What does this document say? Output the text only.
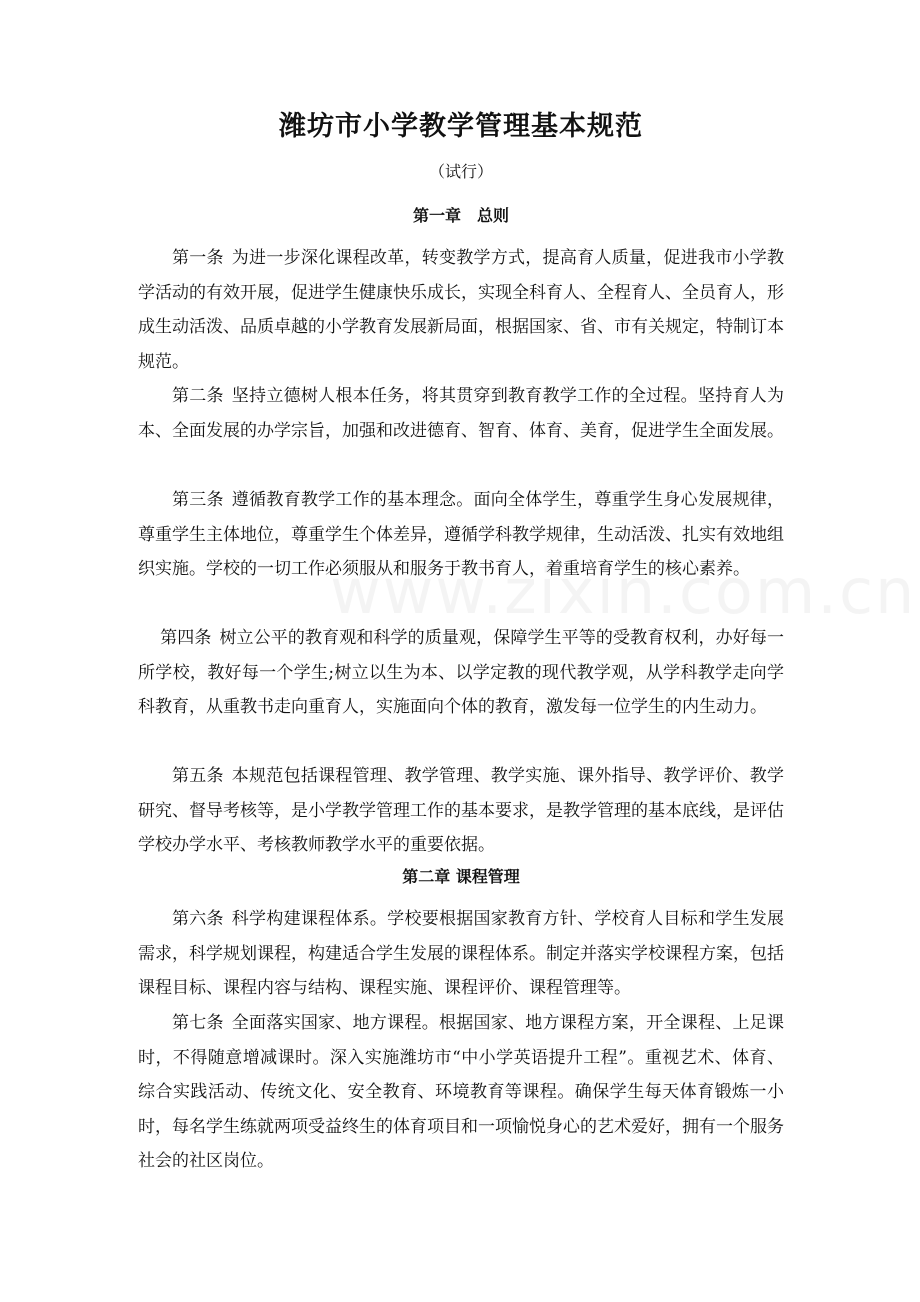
潍坊市小学教学管理基本规范
（试行）
第一章　总则

第一条 为进一步深化课程改革，转变教学方式，提高育人质量，促进我市小学教学活动的有效开展，促进学生健康快乐成长，实现全科育人、全程育人、全员育人，形成生动活泼、品质卓越的小学教育发展新局面，根据国家、省、市有关规定，特制订本规范。

第二条 坚持立德树人根本任务，将其贯穿到教育教学工作的全过程。坚持育人为本、全面发展的办学宗旨，加强和改进德育、智育、体育、美育，促进学生全面发展。

第三条 遵循教育教学工作的基本理念。面向全体学生，尊重学生身心发展规律，尊重学生主体地位，尊重学生个体差异，遵循学科教学规律，生动活泼、扎实有效地组织实施。学校的一切工作必须服从和服务于教书育人，着重培育学生的核心素养。

第四条 树立公平的教育观和科学的质量观，保障学生平等的受教育权利，办好每一所学校，教好每一个学生;树立以生为本、以学定教的现代教学观，从学科教学走向学科教育，从重教书走向重育人，实施面向个体的教育，激发每一位学生的内生动力。

第五条 本规范包括课程管理、教学管理、教学实施、课外指导、教学评价、教学研究、督导考核等，是小学教学管理工作的基本要求，是教学管理的基本底线，是评估学校办学水平、考核教师教学水平的重要依据。

第二章 课程管理

第六条 科学构建课程体系。学校要根据国家教育方针、学校育人目标和学生发展需求，科学规划课程，构建适合学生发展的课程体系。制定并落实学校课程方案，包括课程目标、课程内容与结构、课程实施、课程评价、课程管理等。

第七条 全面落实国家、地方课程。根据国家、地方课程方案，开全课程、上足课时，不得随意增减课时。深入实施潍坊市“中小学英语提升工程”。重视艺术、体育、综合实践活动、传统文化、安全教育、环境教育等课程。确保学生每天体育锻炼一小时，每名学生练就两项受益终生的体育项目和一项愉悦身心的艺术爱好，拥有一个服务社会的社区岗位。
